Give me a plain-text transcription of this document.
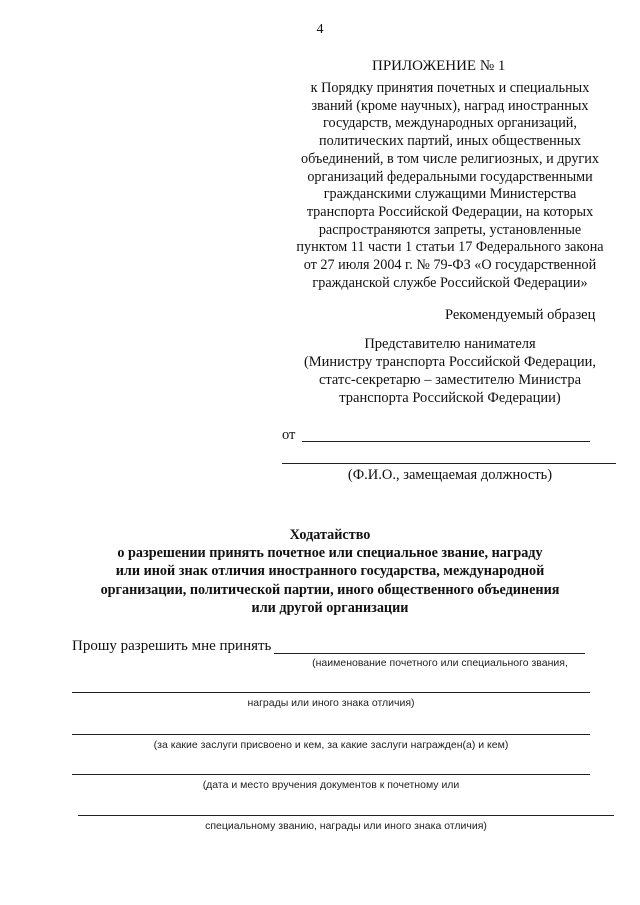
4
ПРИЛОЖЕНИЕ № 1
к Порядку принятия почетных и специальных
званий (кроме научных), наград иностранных
государств, международных организаций,
политических партий, иных общественных
объединений, в том числе религиозных, и других
организаций федеральными государственными
гражданскими служащими Министерства
транспорта Российской Федерации, на которых
распространяются запреты, установленные
пунктом 11 части 1 статьи 17 Федерального закона
от 27 июля 2004 г. № 79-ФЗ «О государственной
гражданской службе Российской Федерации»
Рекомендуемый образец
Представителю нанимателя
(Министру транспорта Российской Федерации,
статс-секретарю – заместителю Министра
транспорта Российской Федерации)
от
(Ф.И.О., замещаемая должность)
Ходатайство
о разрешении принять почетное или специальное звание, награду
или иной знак отличия иностранного государства, международной
организации, политической партии, иного общественного объединения
или другой организации
Прошу разрешить мне принять
(наименование почетного или специального звания,
награды или иного знака отличия)
(за какие заслуги присвоено и кем, за какие заслуги награжден(а) и кем)
(дата и место вручения документов к почетному или
специальному званию, награды или иного знака отличия)
